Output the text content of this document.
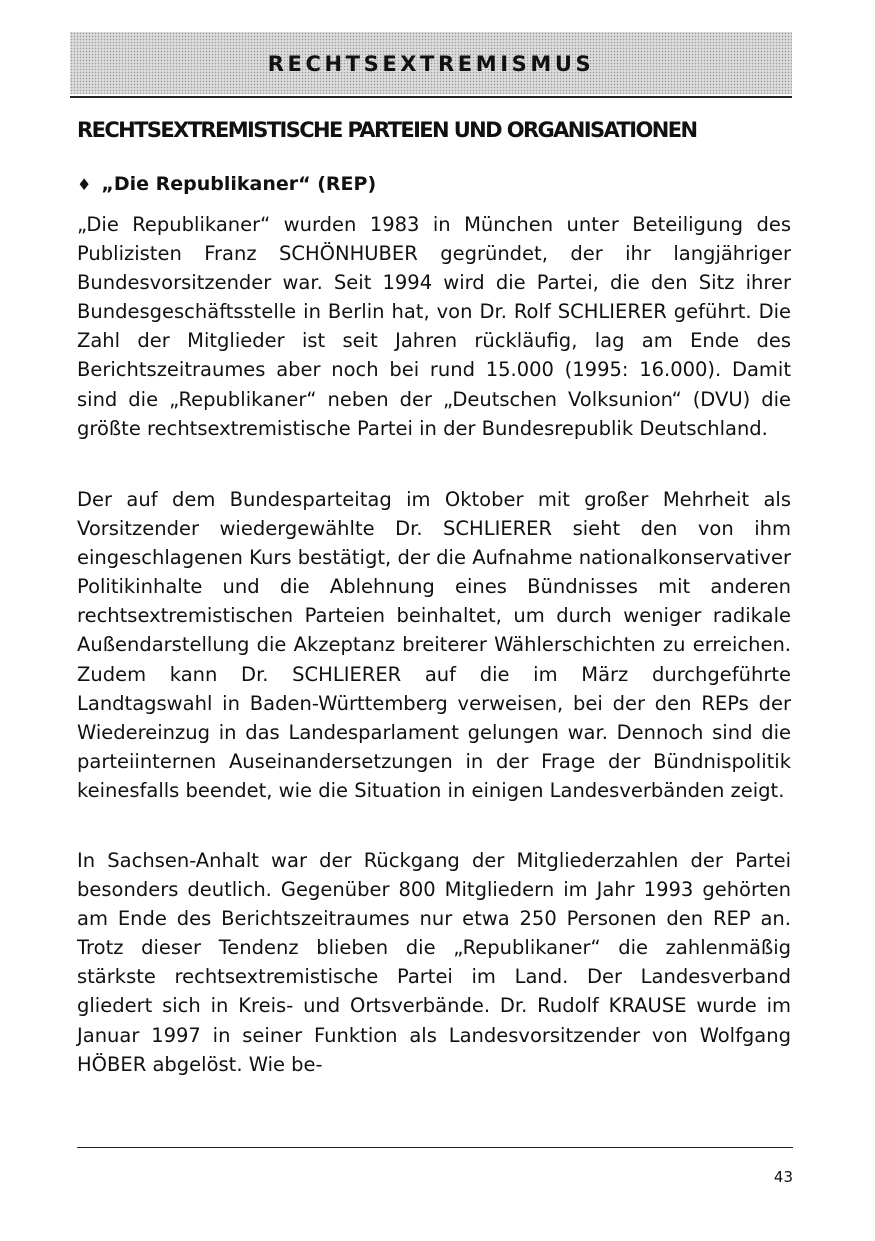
RECHTSEXTREMISMUS
RECHTSEXTREMISTISCHE PARTEIEN UND ORGANISATIONEN
♦ „Die Republikaner“ (REP)

„Die Republikaner“ wurden 1983 in München unter Beteiligung des Publizisten Franz SCHÖNHUBER gegründet, der ihr langjähriger Bundesvorsitzender war. Seit 1994 wird die Partei, die den Sitz ihrer Bundesgeschäftsstelle in Berlin hat, von Dr. Rolf SCHLIERER geführt. Die Zahl der Mitglieder ist seit Jahren rückläufig, lag am Ende des Berichtszeitraumes aber noch bei rund 15.000 (1995: 16.000). Damit sind die „Republikaner“ neben der „Deutschen Volksunion“ (DVU) die größte rechtsextremistische Partei in der Bundesrepublik Deutschland.

Der auf dem Bundesparteitag im Oktober mit großer Mehrheit als Vorsitzender wiedergewählte Dr. SCHLIERER sieht den von ihm eingeschlagenen Kurs bestätigt, der die Aufnahme nationalkonservativer Politikinhalte und die Ablehnung eines Bündnisses mit anderen rechtsextremistischen Parteien beinhaltet, um durch weniger radikale Außendarstellung die Akzeptanz breiterer Wählerschichten zu erreichen. Zudem kann Dr. SCHLIERER auf die im März durchgeführte Landtagswahl in Baden-Württemberg verweisen, bei der den REPs der Wiedereinzug in das Landesparlament gelungen war. Dennoch sind die parteiinternen Auseinandersetzungen in der Frage der Bündnispolitik keinesfalls beendet, wie die Situation in einigen Landesverbänden zeigt.

In Sachsen-Anhalt war der Rückgang der Mitgliederzahlen der Partei besonders deutlich. Gegenüber 800 Mitgliedern im Jahr 1993 gehörten am Ende des Berichtszeitraumes nur etwa 250 Personen den REP an. Trotz dieser Tendenz blieben die „Republikaner“ die zahlenmäßig stärkste rechtsextremistische Partei im Land. Der Landesverband gliedert sich in Kreis- und Ortsverbände. Dr. Rudolf KRAUSE wurde im Januar 1997 in seiner Funktion als Landesvorsitzender von Wolfgang HÖBER abgelöst. Wie be-

43
